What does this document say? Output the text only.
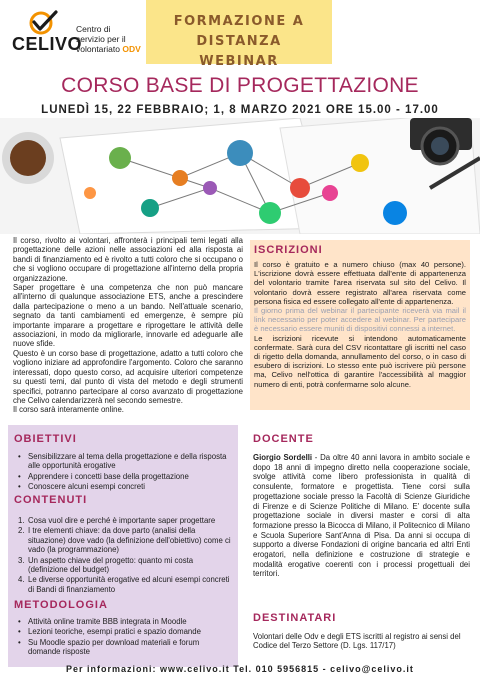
CELIVO
Centro di
servizio per il
volontariato ODV
FORMAZIONE A DISTANZA
WEBINAR
CORSO BASE DI PROGETTAZIONE
LUNEDÌ 15, 22 FEBBRAIO; 1, 8 MARZO 2021 ORE 15.00 - 17.00
Il corso, rivolto ai volontari, affronterà i principali temi legati alla progettazione delle azioni nelle associazioni ed alla risposta ai bandi di finanziamento ed è rivolto a tutti coloro che si occupano o che si vogliono occupare di progettazione all'interno della propria organizzazione.
Saper progettare è una competenza che non può mancare all'interno di qualunque associazione ETS, anche a prescindere dalla partecipazione o meno a un bando. Nell'attuale scenario, segnato da tanti cambiamenti ed emergenze, è sempre più importante imparare a progettare e riprogettare le attività delle associazioni, in modo da migliorarle, innovarle ed adeguarle alle nuove sfide.
Questo è un corso base di progettazione, adatto a tutti coloro che vogliono iniziare ad approfondire l'argomento. Coloro che saranno interessati, dopo questo corso, ad acquisire ulteriori competenze su questi temi, dal punto di vista del metodo e degli strumenti specifici, potranno partecipare al corso avanzato di progettazione che Celivo calendarizzerà nel secondo semestre.
Il corso sarà interamente online.
ISCRIZIONI
Il corso è gratuito e a numero chiuso (max 40 persone). L'iscrizione dovrà essere effettuata dall'ente di appartenenza del volontario tramite l'area riservata sul sito del Celivo. Il volontario dovrà essere registrato all'area riservata come persona fisica ed essere collegato all'ente di appartenenza.
Il giorno prima del webinar il partecipante riceverà via mail il link necessario per poter accedere al webinar. Per partecipare è necessario essere muniti di dispositivi connessi a internet.
Le iscrizioni ricevute si intendono automaticamente confermate. Sarà cura del CSV ricontattare gli iscritti nel caso di rigetto della domanda, annullamento del corso, o in caso di esubero di iscrizioni. Lo stesso ente può iscrivere più persone ma, Celivo nell'ottica di garantire l'accessibilità al maggior numero di enti, potrà confermarne solo alcune.
OBIETTIVI
• Sensibilizzare al tema della progettazione e della risposta alle opportunità erogative
• Apprendere i concetti base della progettazione
• Conoscere alcuni esempi concreti
CONTENUTI
1. Cosa vuol dire e perché è importante saper progettare
2. I tre elementi chiave: da dove parto (analisi della situazione) dove vado (la definizione dell'obiettivo) come ci vado (la programmazione)
3. Un aspetto chiave del progetto: quanto mi costa (definizione del budget)
4. Le diverse opportunità erogative ed alcuni esempi concreti di Bandi di finanziamento
METODOLOGIA
• Attività online tramite BBB integrata in Moodle
• Lezioni teoriche, esempi pratici e spazio domande
• Su Moodle spazio per download materiali e forum domande risposte
DOCENTE
Giorgio Sordelli - Da oltre 40 anni lavora in ambito sociale e dopo 18 anni di impegno diretto nella cooperazione sociale, svolge attività come libero professionista in qualità di consulente, formatore e progettista. Tiene corsi sulla progettazione sociale presso la Facoltà di Scienze Giuridiche di Firenze e di Scienze Politiche di Milano. E' docente sulla progettazione sociale in diversi master e corsi di alta formazione presso la Bicocca di Milano, il Politecnico di Milano e Scuola Superiore Sant'Anna di Pisa. Da anni si occupa di supporto a diverse Fondazioni di origine bancaria ed altri Enti erogatori, nella definizione e costruzione di strategie e modalità erogative coerenti con i processi progettuali dei territori.
DESTINATARI
Volontari delle Odv e degli ETS iscritti al registro ai sensi del Codice del Terzo Settore (D. Lgs. 117/17)
Per informazioni: www.celivo.it Tel. 010 5956815 - celivo@celivo.it
